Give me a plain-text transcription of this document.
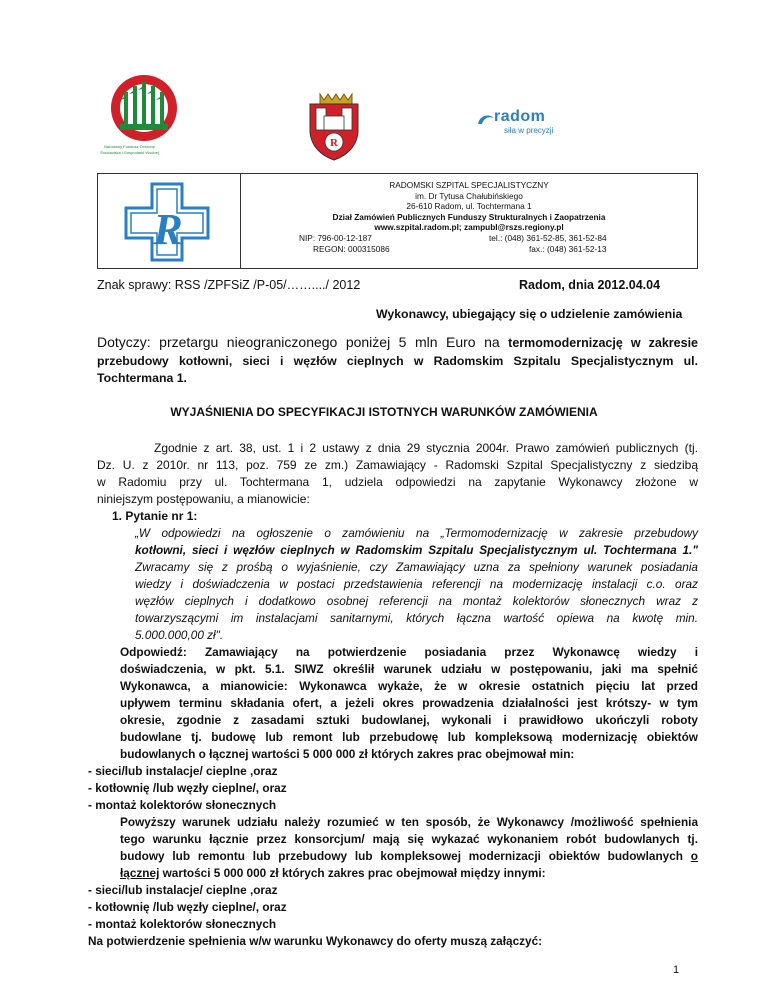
Narodowy Fundusz Ochrony
Środowiska i Gospodarki Wodnej
R
radom
siła w precyzji
R
RADOMSKI SZPITAL SPECJALISTYCZNY
im. Dr Tytusa Chałubińskiego
26-610 Radom, ul. Tochtermana 1
Dział Zamówień Publicznych Funduszy Strukturalnych i Zaopatrzenia
www.szpital.radom.pl; zampubl@rszs.regiony.pl
NIP: 796-00-12-187	tel.: (048) 361-52-85, 361-52-84
REGON: 000315086	fax.: (048) 361-52-13
Znak sprawy: RSS /ZPFSiZ /P-05/……..../ 2012	Radom, dnia 2012.04.04
Wykonawcy, ubiegający się o udzielenie zamówienia
Dotyczy: przetargu nieograniczonego poniżej 5 mln Euro na termomodernizację w zakresie
przebudowy kotłowni, sieci i węzłów cieplnych w Radomskim Szpitalu Specjalistycznym ul.
Tochtermana 1.
WYJAŚNIENIA DO SPECYFIKACJI ISTOTNYCH WARUNKÓW ZAMÓWIENIA
Zgodnie z art. 38, ust. 1 i 2 ustawy z dnia 29 stycznia 2004r. Prawo zamówień publicznych (tj.
Dz. U. z 2010r. nr 113, poz. 759 ze zm.) Zamawiający - Radomski Szpital Specjalistyczny z siedzibą
w Radomiu przy ul. Tochtermana 1, udziela odpowiedzi na zapytanie Wykonawcy złożone w
niniejszym postępowaniu, a mianowicie:
1. Pytanie nr 1:
„W odpowiedzi na ogłoszenie o zamówieniu na „Termomodernizację w zakresie przebudowy
kotłowni, sieci i węzłów cieplnych w Radomskim Szpitalu Specjalistycznym ul. Tochtermana 1."
Zwracamy się z prośbą o wyjaśnienie, czy Zamawiający uzna za spełniony warunek posiadania
wiedzy i doświadczenia w postaci przedstawienia referencji na modernizację instalacji c.o. oraz
węzłów cieplnych i dodatkowo osobnej referencji na montaż kolektorów słonecznych wraz z
towarzyszącymi im instalacjami sanitarnymi, których łączna wartość opiewa na kwotę min.
5.000.000,00 zł".
Odpowiedź: Zamawiający na potwierdzenie posiadania przez Wykonawcę wiedzy i
doświadczenia, w pkt. 5.1. SIWZ określił warunek udziału w postępowaniu, jaki ma spełnić
Wykonawca, a mianowicie: Wykonawca wykaże, że w okresie ostatnich pięciu lat przed
upływem terminu składania ofert, a jeżeli okres prowadzenia działalności jest krótszy- w tym
okresie, zgodnie z zasadami sztuki budowlanej, wykonali i prawidłowo ukończyli roboty
budowlane tj. budowę lub remont lub przebudowę lub kompleksową modernizację obiektów
budowlanych o łącznej wartości 5 000 000 zł których zakres prac obejmował min:
- sieci/lub instalacje/ cieplne ,oraz
- kotłownię /lub węzły cieplne/, oraz
- montaż kolektorów słonecznych
Powyższy warunek udziału należy rozumieć w ten sposób, że Wykonawcy /możliwość spełnienia
tego warunku łącznie przez konsorcjum/ mają się wykazać wykonaniem robót budowlanych tj.
budowy lub remontu lub przebudowy lub kompleksowej modernizacji obiektów budowlanych o
łącznej wartości 5 000 000 zł których zakres prac obejmował między innymi:
- sieci/lub instalacje/ cieplne ,oraz
- kotłownię /lub węzły cieplne/, oraz
- montaż kolektorów słonecznych
Na potwierdzenie spełnienia w/w warunku Wykonawcy do oferty muszą załączyć:
1
